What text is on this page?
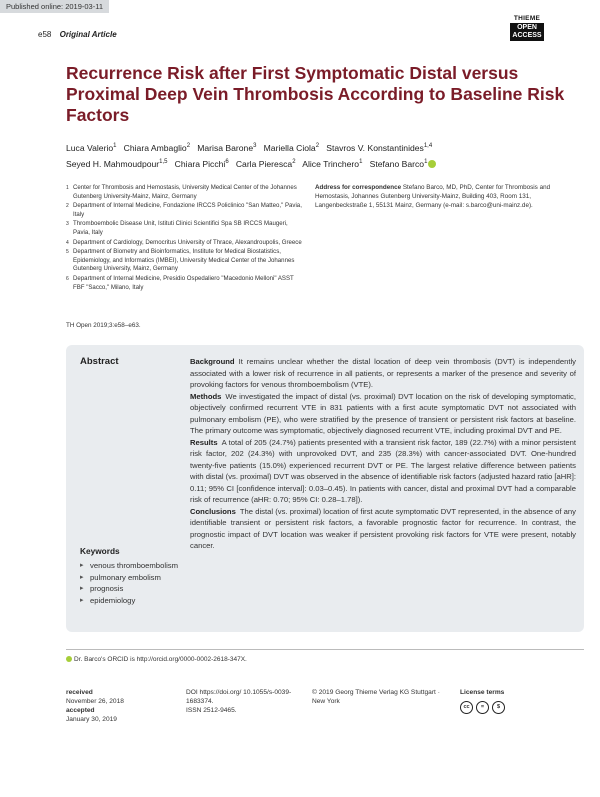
Published online: 2019-03-11
e58 Original Article
THIEME
OPEN
ACCESS
Recurrence Risk after First Symptomatic Distal versus Proximal Deep Vein Thrombosis According to Baseline Risk Factors
Luca Valerio$^1$ Chiara Ambaglio$^2$ Marisa Barone$^3$ Mariella Ciola$^2$ Stavros V. Konstantinides$^{1,4}$
Seyed H. Mahmoudpour$^{1,5}$ Chiara Picchi$^6$ Carla Pieresca$^2$ Alice Trinchero$^1$ Stefano Barco$^1$
1 Center for Thrombosis and Hemostasis, University Medical Center of the Johannes Gutenberg University-Mainz, Mainz, Germany
2 Department of Internal Medicine, Fondazione IRCCS Policlinico "San Matteo," Pavia, Italy
3 Thromboembolic Disease Unit, Istituti Clinici Scientifici Spa SB IRCCS Maugeri, Pavia, Italy
4 Department of Cardiology, Democritus University of Thrace, Alexandroupolis, Greece
5 Department of Biometry and Bioinformatics, Institute for Medical Biostatistics, Epidemiology, and Informatics (IMBEI), University Medical Center of the Johannes Gutenberg University, Mainz, Germany
6 Department of Internal Medicine, Presidio Ospedaliero "Macedonio Melloni" ASST FBF "Sacco," Milano, Italy
TH Open 2019;3:e58–e63.
Address for correspondence Stefano Barco, MD, PhD, Center for Thrombosis and Hemostasis, Johannes Gutenberg University-Mainz, Building 403, Room 131, Langenbeckstraße 1, 55131 Mainz, Germany (e-mail: s.barco@uni-mainz.de).
Abstract	Background It remains unclear whether the distal location of deep vein thrombosis (DVT) is independently associated with a lower risk of recurrence in all patients, or represents a marker of the presence and severity of provoking factors for venous thromboembolism (VTE).

Methods We investigated the impact of distal (vs. proximal) DVT location on the risk of developing symptomatic, objectively confirmed recurrent VTE in 831 patients with a first acute symptomatic DVT not associated with pulmonary embolism (PE), who were stratified by the presence of transient or persistent risk factors at baseline. The primary outcome was symptomatic, objectively diagnosed recurrent VTE, including proximal DVT and PE.

Results A total of 205 (24.7%) patients presented with a transient risk factor, 189 (22.7%) with a minor persistent risk factor, 202 (24.3%) with unprovoked DVT, and 235 (28.3%) with cancer-associated DVT. One-hundred twenty-five patients (15.0%) experienced recurrent DVT or PE. The largest relative difference between patients with distal (vs. proximal) DVT was observed in the absence of identifiable risk factors (adjusted hazard ratio [aHR]: 0.11; 95% CI [confidence interval]: 0.03–0.45). In patients with cancer, distal and proximal DVT had a comparable risk of recurrence (aHR: 0.70; 95% CI: 0.28–1.78]).

Conclusions The distal (vs. proximal) location of first acute symptomatic DVT represented, in the absence of any identifiable transient or persistent risk factors, a favorable prognostic factor for recurrence. In contrast, the prognostic impact of DVT location was weaker if persistent provoking risk factors for VTE were present, notably cancer.

Keywords
▸ venous thromboembolism
▸ pulmonary embolism
▸ prognosis
▸ epidemiology
Dr. Barco's ORCID is http://orcid.org/0000-0002-2618-347X.
received
November 26, 2018
accepted
January 30, 2019
DOI https://doi.org/ 10.1055/s-0039-1683374.
ISSN 2512-9465.
© 2019 Georg Thieme Verlag KG Stuttgart · New York
License terms

cc	=	$
